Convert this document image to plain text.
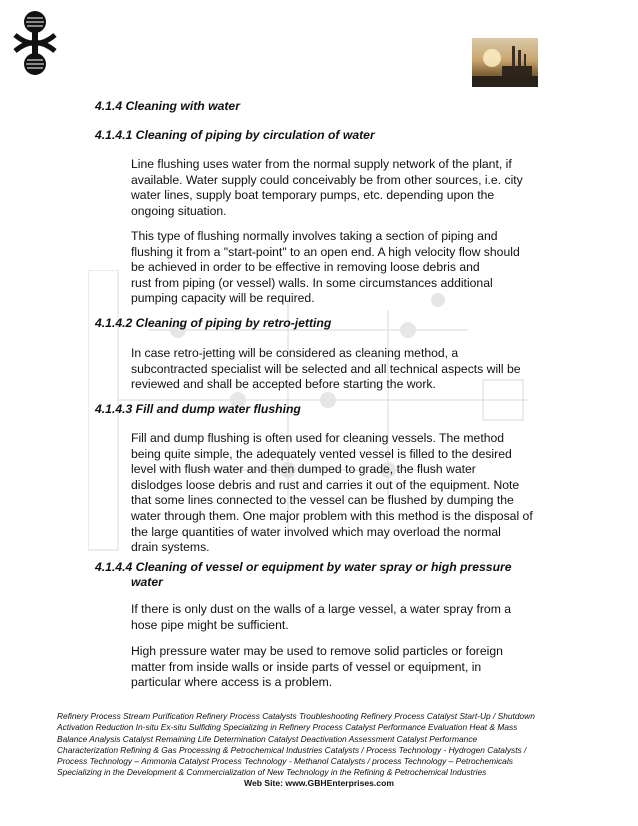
4.1.4 Cleaning with water
4.1.4.1 Cleaning of piping by circulation of water
Line flushing uses water from the normal supply network of the plant, if
available. Water supply could conceivably be from other sources, i.e. city
water lines, supply boat temporary pumps, etc. depending upon the
ongoing situation.
This type of flushing normally involves taking a section of piping and
flushing it from a "start-point" to an open end. A high velocity flow should
be achieved in order to be effective in removing loose debris and
rust from piping (or vessel) walls. In some circumstances additional
pumping capacity will be required.
4.1.4.2 Cleaning of piping by retro-jetting
In case retro-jetting will be considered as cleaning method, a
subcontracted specialist will be selected and all technical aspects will be
reviewed and shall be accepted before starting the work.
4.1.4.3 Fill and dump water flushing
Fill and dump flushing is often used for cleaning vessels. The method
being quite simple, the adequately vented vessel is filled to the desired
level with flush water and then dumped to grade, the flush water
dislodges loose debris and rust and carries it out of the equipment. Note
that some lines connected to the vessel can be flushed by dumping the
water through them. One major problem with this method is the disposal of
the large quantities of water involved which may overload the normal
drain systems.
4.1.4.4 Cleaning of vessel or equipment by water spray or high pressure
water
If there is only dust on the walls of a large vessel, a water spray from a
hose pipe might be sufficient.
High pressure water may be used to remove solid particles or foreign
matter from inside walls or inside parts of vessel or equipment, in
particular where access is a problem.
Refinery Process Stream Purification Refinery Process Catalysts Troubleshooting Refinery Process Catalyst Start-Up / Shutdown
Activation Reduction In-situ Ex-situ Sulfiding Specializing in Refinery Process Catalyst Performance Evaluation Heat & Mass
Balance Analysis Catalyst Remaining Life Determination Catalyst Deactivation Assessment Catalyst Performance
Characterization Refining & Gas Processing & Petrochemical Industries Catalysts / Process Technology - Hydrogen Catalysts /
Process Technology – Ammonia Catalyst Process Technology - Methanol Catalysts / process Technology – Petrochemicals
Specializing in the Development & Commercialization of New Technology in the Refining & Petrochemical Industries
Web Site: www.GBHEnterprises.com
